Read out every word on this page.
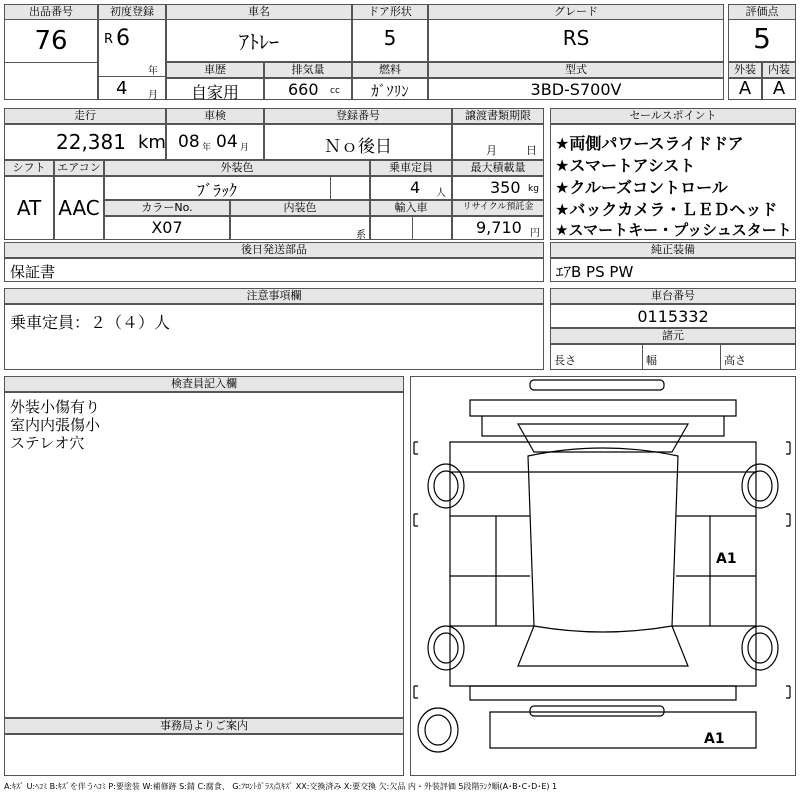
出品番号
76
初度登録
R 6
年
4 月
車名
ｱﾄﾚｰ
ドア形状
5
グレード
RS
評価点
5
車歴
自家用
排気量
660 cc
燃料
ｶﾞｿﾘﾝ
型式
3BD-S700V
外装
A
内装
A
走行
22,381 km
車検
08 年 04 月
登録番号
Ｎｏ後日
譲渡書類期限
月	日
シフト
AT
エアコン
AAC
外装色
ﾌﾞﾗｯｸ
乗車定員
4 人
最大積載量
350 kg
カラーNo.
X07
内装色
系
輸入車	リサイクル預託金
9,710 円
セールスポイント
★両側パワースライドドア
★スマートアシスト
★クルーズコントロール
★バックカメラ・ＬＥＤヘッド
★スマートキー・プッシュスタート
後日発送部品
保証書
純正装備
ｴｱB PS PW
注意事項欄
乗車定員：２（４）人
車台番号
0115332
諸元
長さ	幅	高さ
検査員記入欄
外装小傷有り
室内内張傷小
ステレオ穴
事務局よりご案内
A1
A1
A:ｷｽﾞ U:ﾍｺﾐ B:ｷｽﾞを伴うﾍｺﾐ P:要塗装 W:補修跡 S:錆 C:腐食、 G:ﾌﾛﾝﾄｶﾞﾗｽ点ｷｽﾞ XX:交換済み X:要交換 欠:欠品 内・外装評価 5段階ﾗﾝｸ順(A･B･C･D･E) 1
